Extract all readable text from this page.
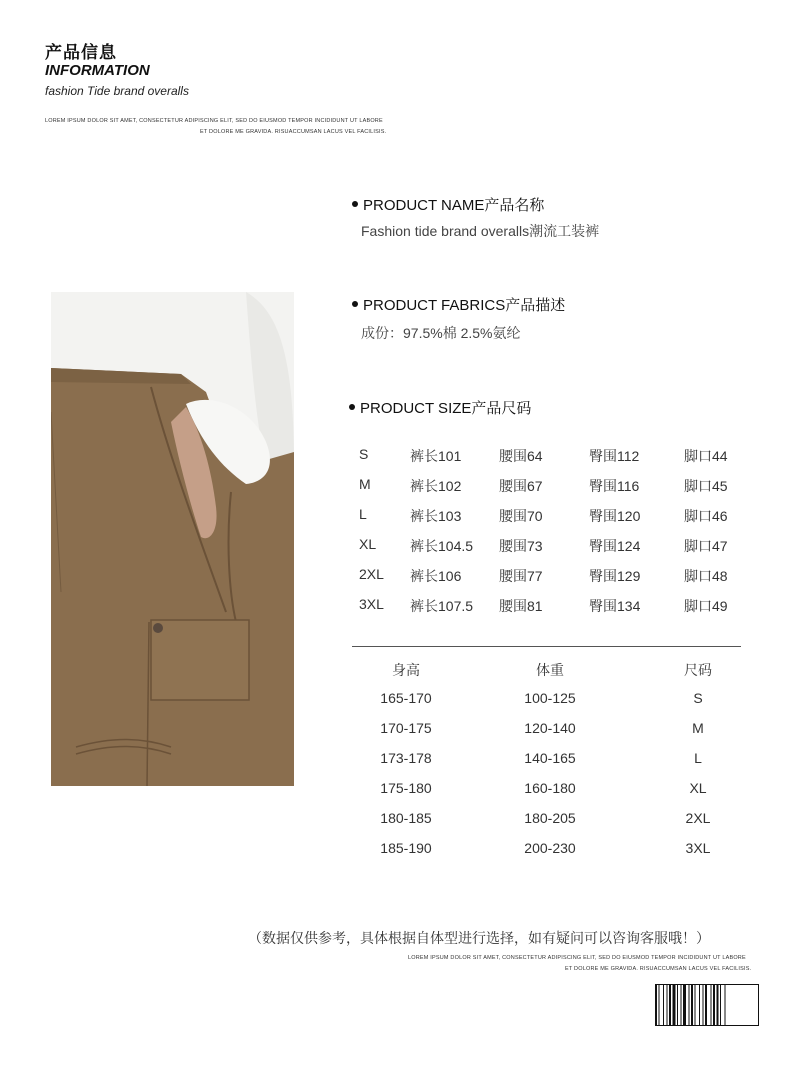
产品信息
INFORMATION
fashion Tide brand overalls
LOREM IPSUM DOLOR SIT AMET, CONSECTETUR ADIPISCING ELIT, SED DO EIUSMOD TEMPOR INCIDIDUNT UT LABORE
ET DOLORE ME GRAVIDA. RISUACCUMSAN LACUS VEL FACILISIS.
PRODUCT NAME产品名称
Fashion tide brand overalls潮流工装裤
PRODUCT FABRICS产品描述
成份：97.5%棉 2.5%氨纶
PRODUCT SIZE产品尺码
S	裤长101	腰围64	臀围112	脚口44
M	裤长102	腰围67	臀围116	脚口45
L	裤长103	腰围70	臀围120	脚口46
XL 裤长104.5 腰围73	臀围124	脚口47
2XL 裤长106	腰围77	臀围129	脚口48
3XL 裤长107.5 腰围81	臀围134	脚口49
身高	体重	尺码
165-170	100-125	S
170-175	120-140	M
173-178	140-165	L
175-180	160-180	XL
180-185	180-205	2XL
185-190	200-230	3XL
（数据仅供参考，具体根据自体型进行选择，如有疑问可以咨询客服哦！）
LOREM IPSUM DOLOR SIT AMET, CONSECTETUR ADIPISCING ELIT, SED DO EIUSMOD TEMPOR INCIDIDUNT UT LABORE
ET DOLORE ME GRAVIDA. RISUACCUMSAN LACUS VEL FACILISIS.
